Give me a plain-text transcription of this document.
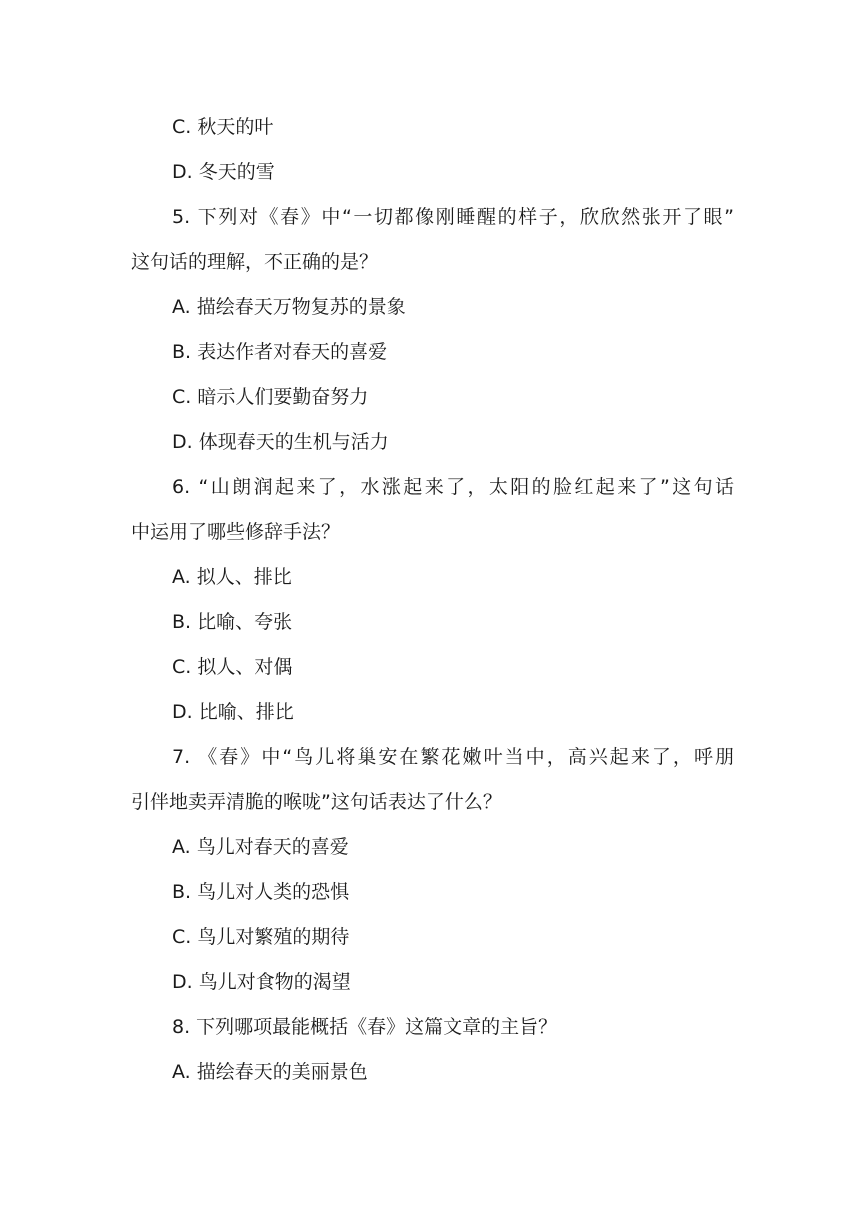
C. 秋天的叶
D. 冬天的雪
5. 下列对《春》中“一切都像刚睡醒的样子，欣欣然张开了眼”
这句话的理解，不正确的是？
A. 描绘春天万物复苏的景象
B. 表达作者对春天的喜爱
C. 暗示人们要勤奋努力
D. 体现春天的生机与活力
6. “山朗润起来了，水涨起来了，太阳的脸红起来了”这句话
中运用了哪些修辞手法？
A. 拟人、排比
B. 比喻、夸张
C. 拟人、对偶
D. 比喻、排比
7. 《春》中“鸟儿将巢安在繁花嫩叶当中，高兴起来了，呼朋
引伴地卖弄清脆的喉咙”这句话表达了什么？
A. 鸟儿对春天的喜爱
B. 鸟儿对人类的恐惧
C. 鸟儿对繁殖的期待
D. 鸟儿对食物的渴望
8. 下列哪项最能概括《春》这篇文章的主旨？
A. 描绘春天的美丽景色
